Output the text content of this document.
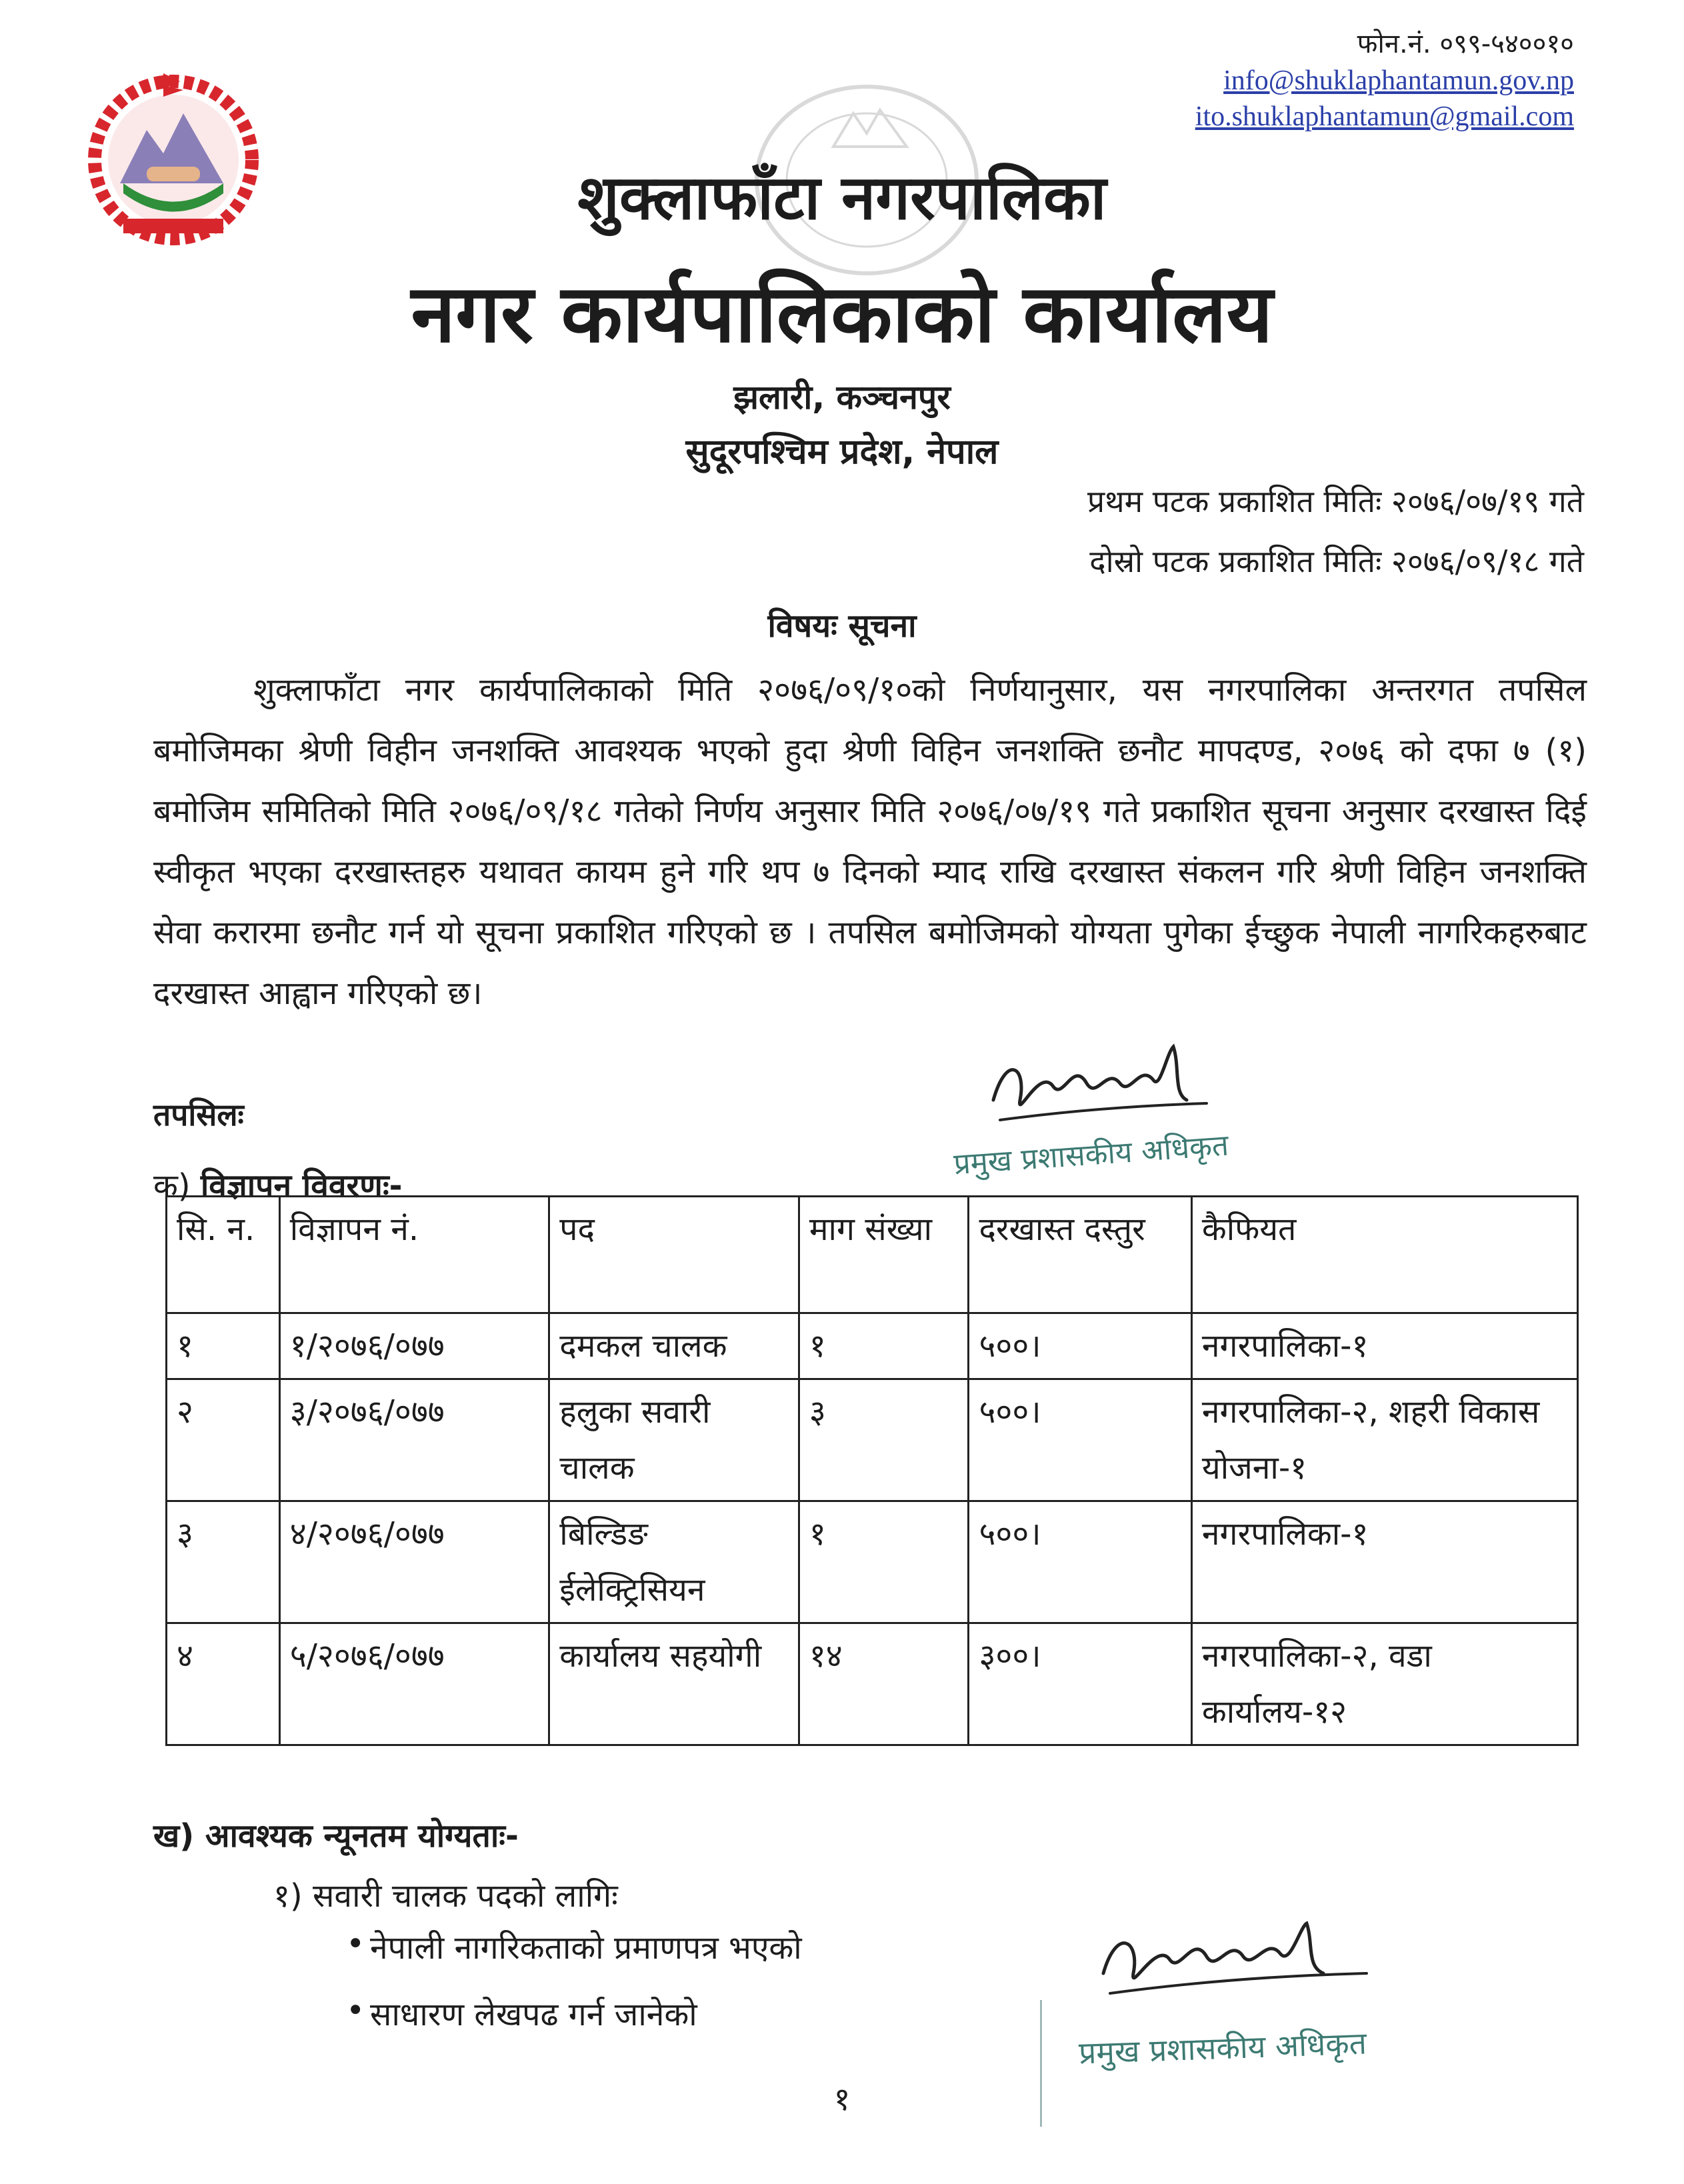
फोन.नं. ०९९-५४००१०
info@shuklaphantamun.gov.np
ito.shuklaphantamun@gmail.com
शुक्लाफाँटा नगरपालिका
नगर कार्यपालिकाको कार्यालय
झलारी, कञ्चनपुर
सुदूरपश्चिम प्रदेश, नेपाल
प्रथम पटक प्रकाशित मितिः २०७६/०७/१९ गते
दोस्रो पटक प्रकाशित मितिः २०७६/०९/१८ गते
विषयः सूचना
शुक्लाफाँटा नगर कार्यपालिकाको मिति २०७६/०९/१०को निर्णयानुसार, यस नगरपालिका अन्तरगत तपसिल बमोजिमका श्रेणी विहीन जनशक्ति आवश्यक भएको हुदा श्रेणी विहिन जनशक्ति छनौट मापदण्ड, २०७६ को दफा ७ (१) बमोजिम समितिको मिति २०७६/०९/१८ गतेको निर्णय अनुसार मिति २०७६/०७/१९ गते प्रकाशित सूचना अनुसार दरखास्त दिई स्वीकृत भएका दरखास्तहरु यथावत कायम हुने गरि थप ७ दिनको म्याद राखि दरखास्त संकलन गरि श्रेणी विहिन जनशक्ति सेवा करारमा छनौट गर्न यो सूचना प्रकाशित गरिएको छ । तपसिल बमोजिमको योग्यता पुगेका ईच्छुक नेपाली नागरिकहरुबाट दरखास्त आह्वान गरिएको छ।
प्रमुख प्रशासकीय अधिकृत
तपसिलः
क) विज्ञापन विवरणः-
सि. न.	विज्ञापन नं.	पद	माग संख्या	दरखास्त दस्तुर	कैफियत
१	१/२०७६/०७७	दमकल चालक	१	५००।	नगरपालिका-१
२	३/२०७६/०७७	हलुका सवारी चालक	३	५००।	नगरपालिका-२, शहरी विकास योजना-१
३	४/२०७६/०७७	बिल्डिङ ईलेक्ट्रिसियन	१	५००।	नगरपालिका-१
४	५/२०७६/०७७	कार्यालय सहयोगी	१४	३००।	नगरपालिका-२, वडा कार्यालय-१२
ख) आवश्यक न्यूनतम योग्यताः-
१) सवारी चालक पदको लागिः
• नेपाली नागरिकताको प्रमाणपत्र भएको
• साधारण लेखपढ गर्न जानेको
प्रमुख प्रशासकीय अधिकृत
१
